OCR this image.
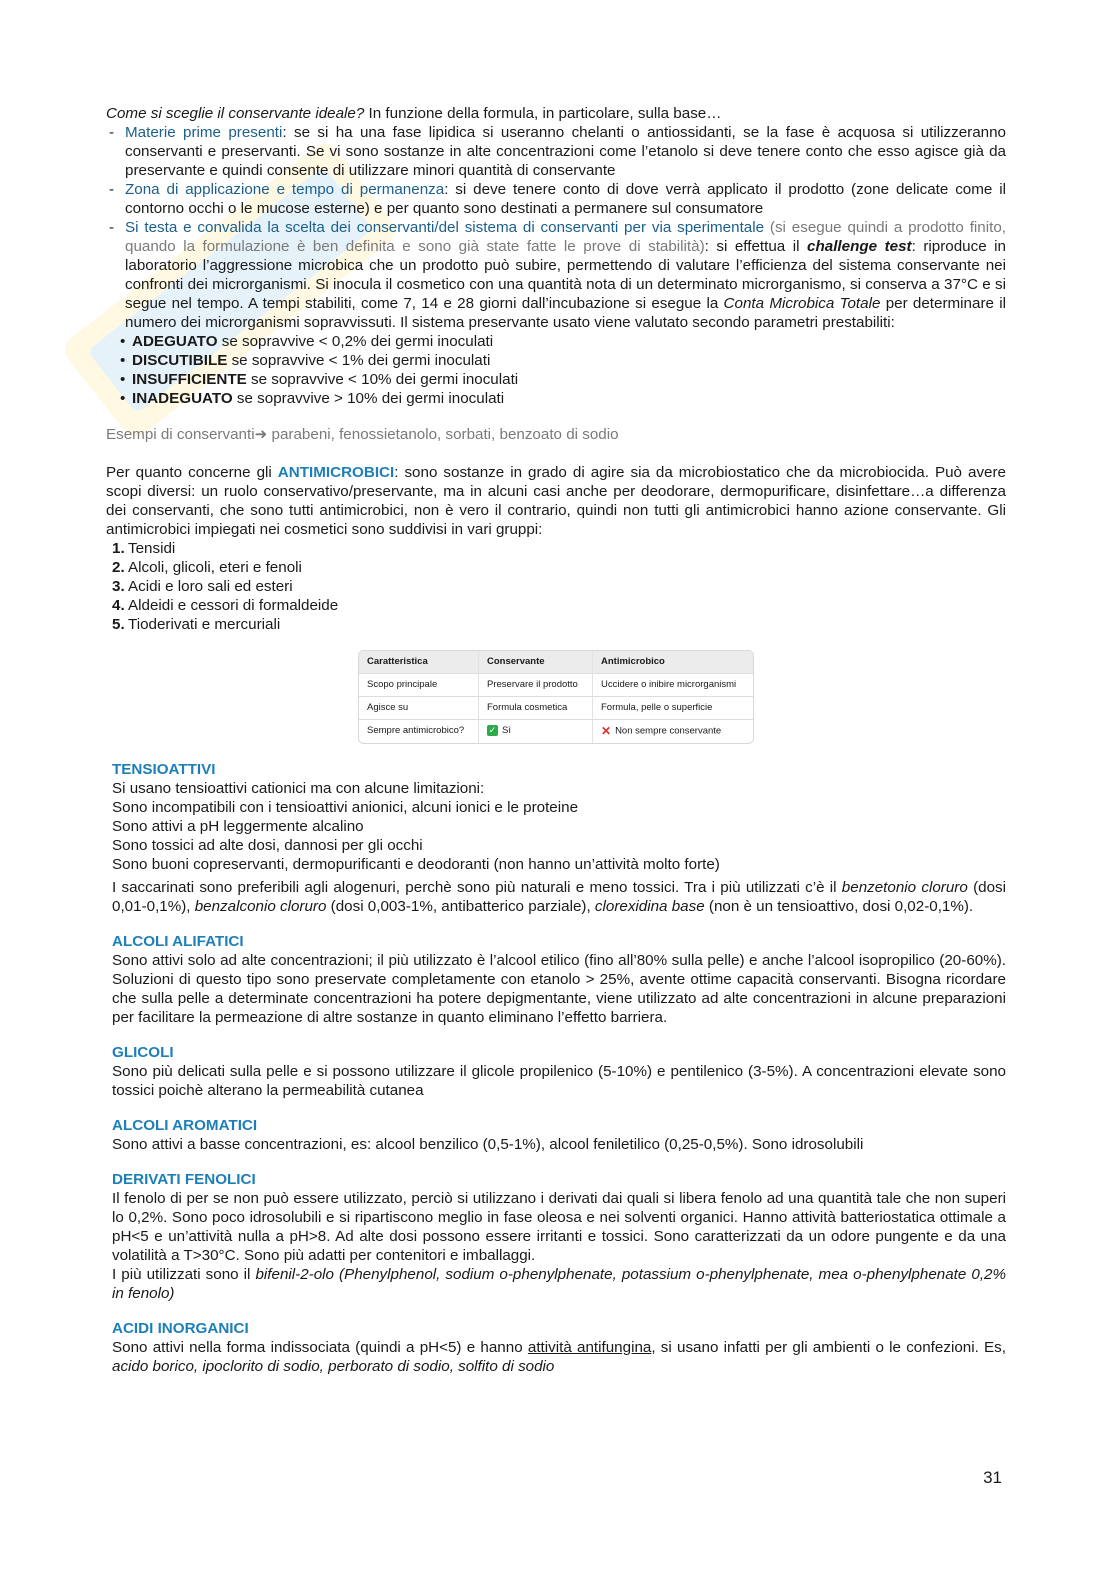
Come si sceglie il conservante ideale? In funzione della formula, in particolare, sulla base…

- Materie prime presenti: se si ha una fase lipidica si useranno chelanti o antiossidanti, se la fase è acquosa si utilizzeranno conservanti e preservanti. Se vi sono sostanze in alte concentrazioni come l’etanolo si deve tenere conto che esso agisce già da preservante e quindi consente di utilizzare minori quantità di conservante
- Zona di applicazione e tempo di permanenza: si deve tenere conto di dove verrà applicato il prodotto (zone delicate come il contorno occhi o le mucose esterne) e per quanto sono destinati a permanere sul consumatore
- Si testa e convalida la scelta dei conservanti/del sistema di conservanti per via sperimentale (si esegue quindi a prodotto finito, quando la formulazione è ben definita e sono già state fatte le prove di stabilità): si effettua il challenge test: riproduce in laboratorio l’aggressione microbica che un prodotto può subire, permettendo di valutare l’efficienza del sistema conservante nei confronti dei microrganismi. Si inocula il cosmetico con una quantità nota di un determinato microrganismo, si conserva a 37°C e si segue nel tempo. A tempi stabiliti, come 7, 14 e 28 giorni dall’incubazione si esegue la Conta Microbica Totale per determinare il numero dei microrganismi sopravvissuti. Il sistema preservante usato viene valutato secondo parametri prestabiliti:
• ADEGUATO se sopravvive < 0,2% dei germi inoculati
• DISCUTIBILE se sopravvive < 1% dei germi inoculati
• INSUFFICIENTE se sopravvive < 10% dei germi inoculati
• INADEGUATO se sopravvive > 10% dei germi inoculati

Esempi di conservanti➜ parabeni, fenossietanolo, sorbati, benzoato di sodio

Per quanto concerne gli ANTIMICROBICI: sono sostanze in grado di agire sia da microbiostatico che da microbiocida. Può avere scopi diversi: un ruolo conservativo/preservante, ma in alcuni casi anche per deodorare, dermopurificare, disinfettare…a differenza dei conservanti, che sono tutti antimicrobici, non è vero il contrario, quindi non tutti gli antimicrobici hanno azione conservante. Gli antimicrobici impiegati nei cosmetici sono suddivisi in vari gruppi:

1. Tensidi
2. Alcoli, glicoli, eteri e fenoli
3. Acidi e loro sali ed esteri
4. Aldeidi e cessori di formaldeide
5. Tioderivati e mercuriali
Caratteristica	Conservante	Antimicrobico
Scopo principale	Preservare il prodotto	Uccidere o inibire microrganismi
Agisce su	Formula cosmetica	Formula, pelle o superficie
Sempre antimicrobico?	✓ Sì	✕ Non sempre conservante
TENSIOATTIVI
Si usano tensioattivi cationici ma con alcune limitazioni:
Sono incompatibili con i tensioattivi anionici, alcuni ionici e le proteine
Sono attivi a pH leggermente alcalino
Sono tossici ad alte dosi, dannosi per gli occhi
Sono buoni copreservanti, dermopurificanti e deodoranti (non hanno un’attività molto forte)

I saccarinati sono preferibili agli alogenuri, perchè sono più naturali e meno tossici. Tra i più utilizzati c’è il benzetonio cloruro (dosi 0,01-0,1%), benzalconio cloruro (dosi 0,003-1%, antibatterico parziale), clorexidina base (non è un tensioattivo, dosi 0,02-0,1%).

ALCOLI ALIFATICI

Sono attivi solo ad alte concentrazioni; il più utilizzato è l’alcool etilico (fino all’80% sulla pelle) e anche l’alcool isopropilico (20-60%). Soluzioni di questo tipo sono preservate completamente con etanolo > 25%, avente ottime capacità conservanti. Bisogna ricordare che sulla pelle a determinate concentrazioni ha potere depigmentante, viene utilizzato ad alte concentrazioni in alcune preparazioni per facilitare la permeazione di altre sostanze in quanto eliminano l’effetto barriera.

GLICOLI

Sono più delicati sulla pelle e si possono utilizzare il glicole propilenico (5-10%) e pentilenico (3-5%). A concentrazioni elevate sono tossici poichè alterano la permeabilità cutanea

ALCOLI AROMATICI

Sono attivi a basse concentrazioni, es: alcool benzilico (0,5-1%), alcool feniletilico (0,25-0,5%). Sono idrosolubili

DERIVATI FENOLICI

Il fenolo di per se non può essere utilizzato, perciò si utilizzano i derivati dai quali si libera fenolo ad una quantità tale che non superi lo 0,2%. Sono poco idrosolubili e si ripartiscono meglio in fase oleosa e nei solventi organici. Hanno attività batteriostatica ottimale a pH<5 e un’attività nulla a pH>8. Ad alte dosi possono essere irritanti e tossici. Sono caratterizzati da un odore pungente e da una volatilità a T>30°C. Sono più adatti per contenitori e imballaggi.

I più utilizzati sono il bifenil-2-olo (Phenylphenol, sodium o-phenylphenate, potassium o-phenylphenate, mea o-phenylphenate 0,2% in fenolo)

ACIDI INORGANICI

Sono attivi nella forma indissociata (quindi a pH<5) e hanno attività antifungina, si usano infatti per gli ambienti o le confezioni. Es, acido borico, ipoclorito di sodio, perborato di sodio, solfito di sodio

31
